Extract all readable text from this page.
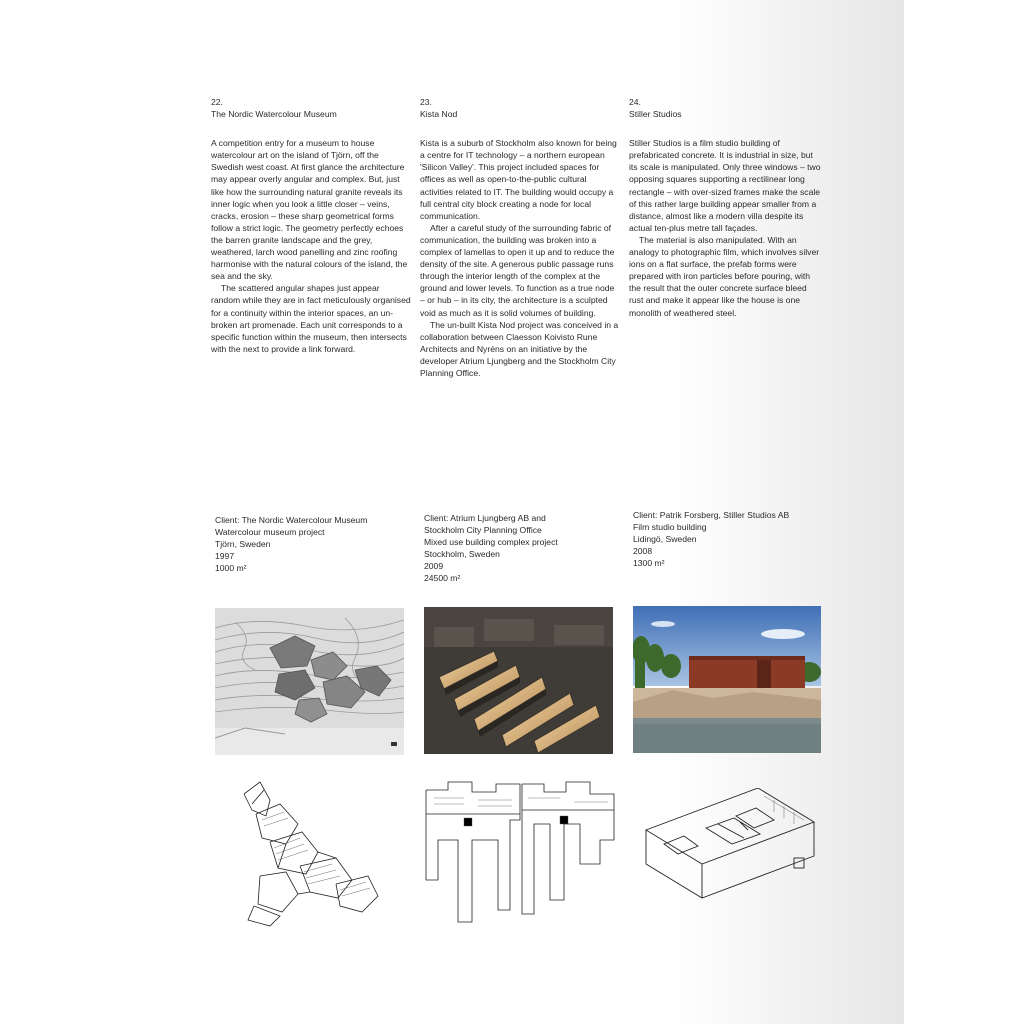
22.
The Nordic Watercolour Museum

A competition entry for a museum to house watercolour art on the island of Tjörn, off the Swedish west coast. At first glance the architecture may appear overly angular and complex. But, just like how the surrounding natural granite reveals its inner logic when you look a little closer – veins, cracks, erosion – these sharp geometrical forms follow a strict logic. The geometry perfectly echoes the barren granite landscape and the grey, weathered, larch wood panelling and zinc roofing harmonise with the natural colours of the island, the sea and the sky.

The scattered angular shapes just appear random while they are in fact meticulously organised for a continuity within the interior spaces, an un-broken art promenade. Each unit corresponds to a specific function within the museum, then intersects with the next to provide a link forward.

23.
Kista Nod

Kista is a suburb of Stockholm also known for being a centre for IT technology – a northern european 'Silicon Valley'. This project included spaces for offices as well as open-to-the-public cultural activities related to IT. The building would occupy a full central city block creating a node for local communication.

After a careful study of the surrounding fabric of communication, the building was broken into a complex of lamellas to open it up and to reduce the density of the site. A generous public passage runs through the interior length of the complex at the ground and lower levels. To function as a true node – or hub – in its city, the architecture is a sculpted void as much as it is solid volumes of building.

The un-built Kista Nod project was conceived in a collaboration between Claesson Koivisto Rune Architects and Nyréns on an initiative by the developer Atrium Ljungberg and the Stockholm City Planning Office.

24.
Stiller Studios

Stiller Studios is a film studio building of prefabricated concrete. It is industrial in size, but its scale is manipulated. Only three windows – two opposing squares supporting a rectilinear long rectangle – with over-sized frames make the scale of this rather large building appear smaller from a distance, almost like a modern villa despite its actual ten-plus metre tall façades.

The material is also manipulated. With an analogy to photographic film, which involves silver ions on a flat surface, the prefab forms were prepared with iron particles before pouring, with the result that the outer concrete surface bleed rust and make it appear like the house is one monolith of weathered steel.

Client: The Nordic Watercolour Museum
Watercolour museum project
Tjörn, Sweden
1997
1000 m²
Client: Atrium Ljungberg AB and
Stockholm City Planning Office
Mixed use building complex project
Stockholm, Sweden
2009
24500 m²
Client: Patrik Forsberg, Stiller Studios AB
Film studio building
Lidingö, Sweden
2008
1300 m²
